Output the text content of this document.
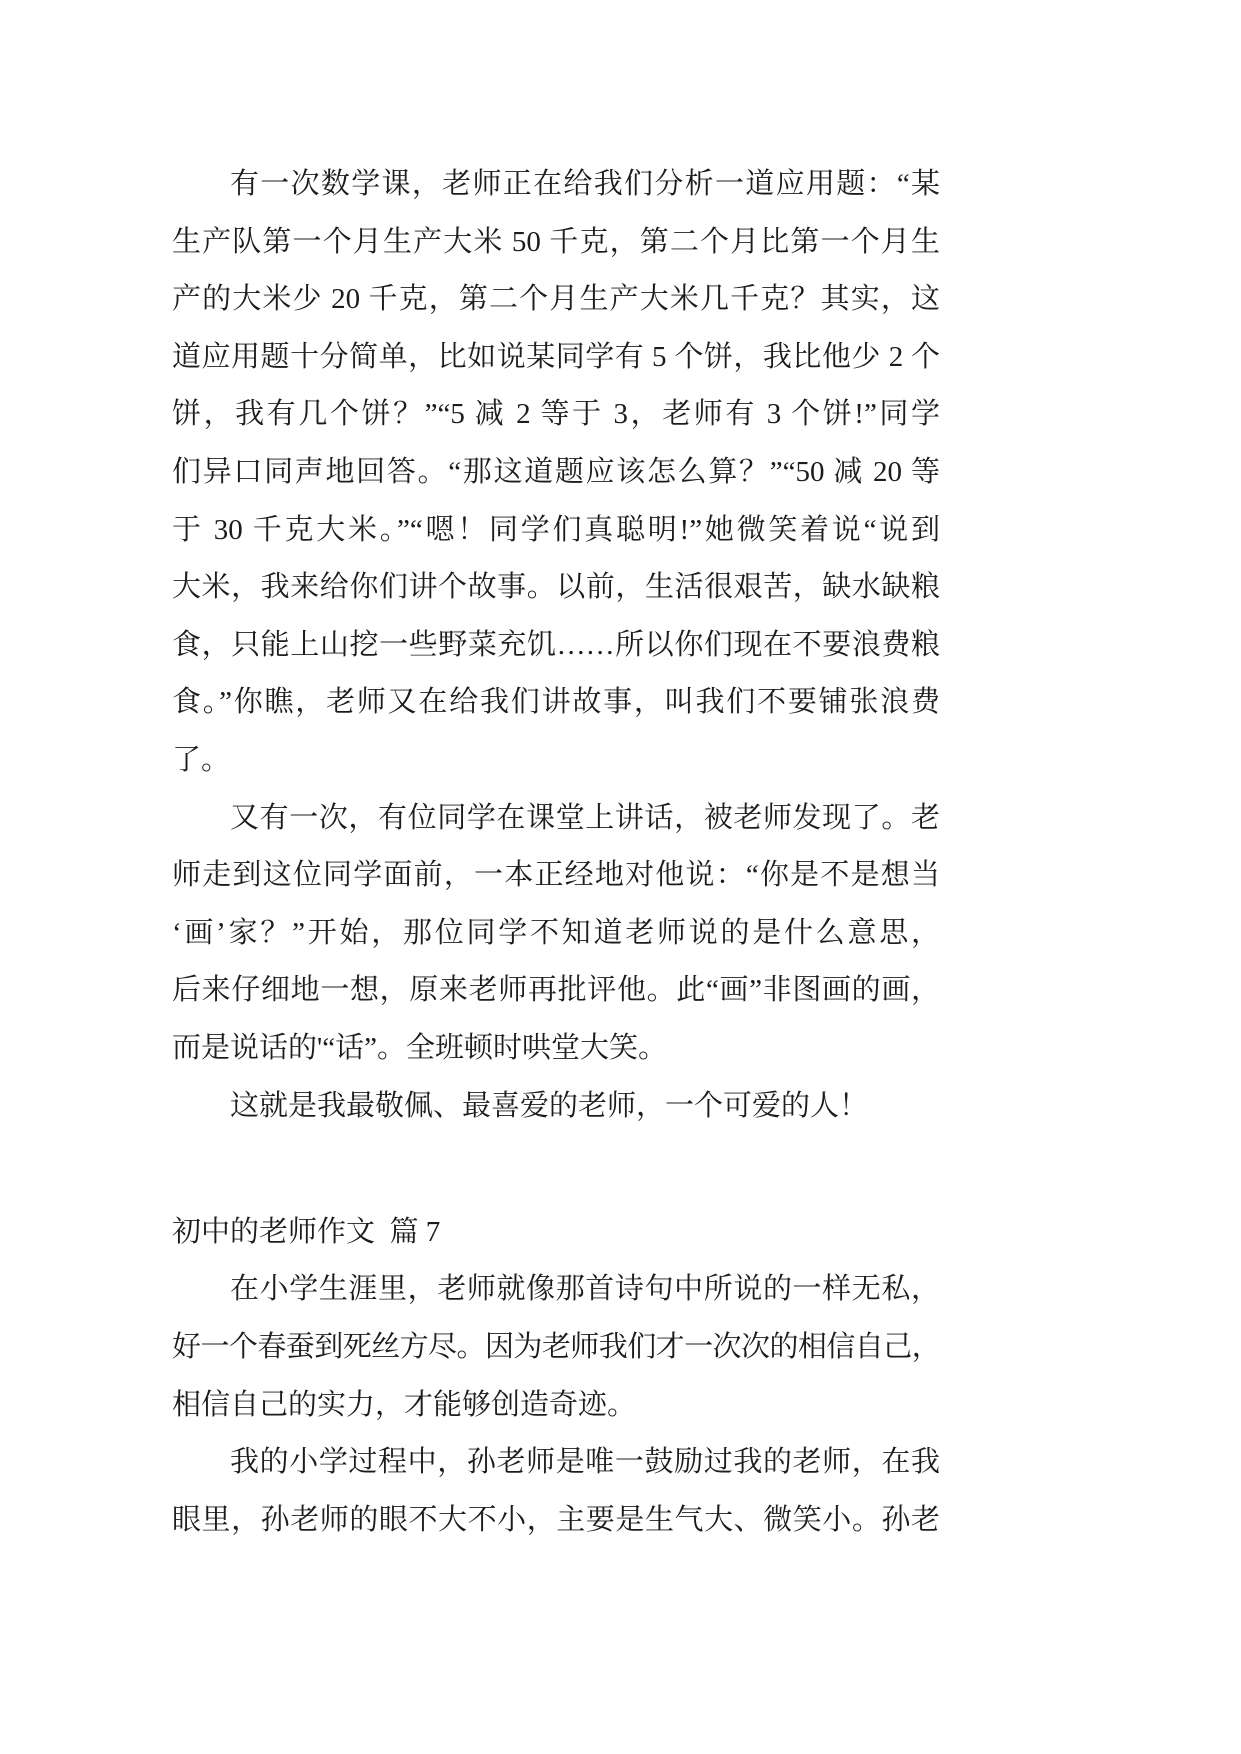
有一次数学课，老师正在给我们分析一道应用题：“某
生产队第一个月生产大米 50 千克，第二个月比第一个月生
产的大米少 20 千克，第二个月生产大米几千克？其实，这
道应用题十分简单，比如说某同学有 5 个饼，我比他少 2 个
饼，我有几个饼？”“5 减 2 等于 3，老师有 3 个饼!”同学
们异口同声地回答。“那这道题应该怎么算？”“50 减 20 等
于 30 千克大米。”“嗯！同学们真聪明!”她微笑着说“说到
大米，我来给你们讲个故事。以前，生活很艰苦，缺水缺粮
食，只能上山挖一些野菜充饥……所以你们现在不要浪费粮
食。”你瞧，老师又在给我们讲故事，叫我们不要铺张浪费
了。
又有一次，有位同学在课堂上讲话，被老师发现了。老
师走到这位同学面前，一本正经地对他说：“你是不是想当
‘画’家？”开始，那位同学不知道老师说的是什么意思，
后来仔细地一想，原来老师再批评他。此“画”非图画的画，
而是说话的'“话”。全班顿时哄堂大笑。
这就是我最敬佩、最喜爱的老师，一个可爱的人！
初中的老师作文  篇 7
在小学生涯里，老师就像那首诗句中所说的一样无私，
好一个春蚕到死丝方尽。因为老师我们才一次次的相信自己，
相信自己的实力，才能够创造奇迹。
我的小学过程中，孙老师是唯一鼓励过我的老师，在我
眼里，孙老师的眼不大不小，主要是生气大、微笑小。孙老
